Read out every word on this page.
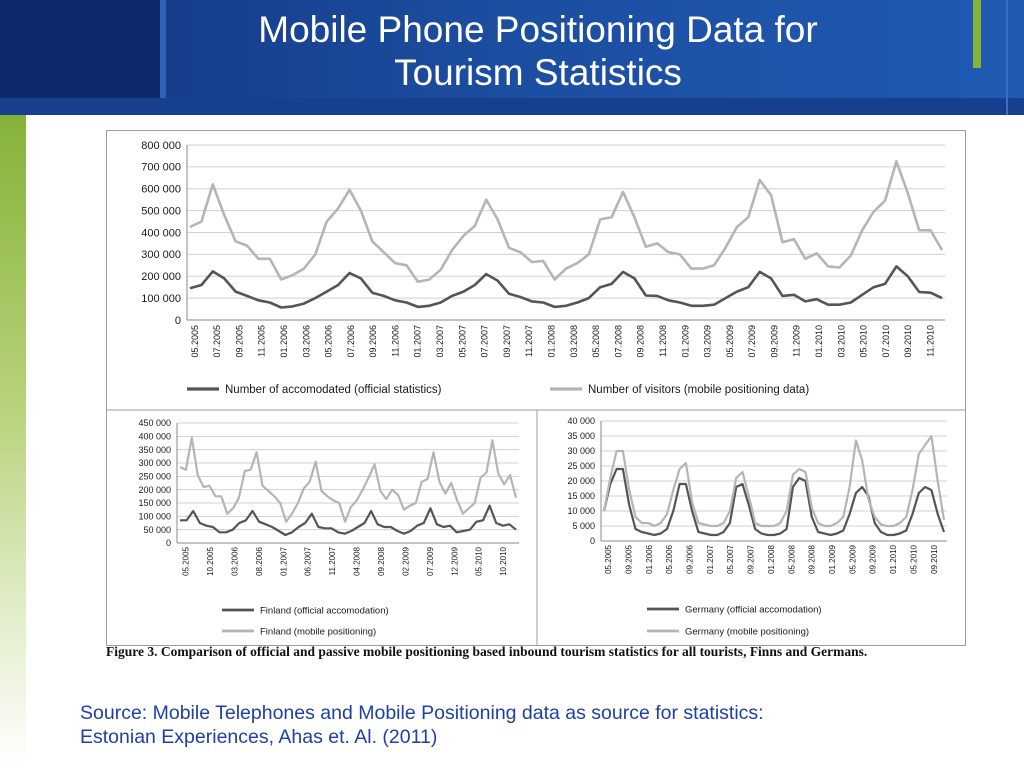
Mobile Phone Positioning Data for
Tourism Statistics
0
100 000
200 000
300 000
400 000
500 000
600 000
700 000
800 000
05.2005 07.2005 09.2005 11.2005 01.2006 03.2006 05.2006 07.2006 09.2006 11.2006 01.2007 03.2007 05.2007 07.2007 09.2007 11.2007 01.2008 03.2008 05.2008 07.2008 09.2008 11.2008 01.2009 03.2009 05.2009 07.2009 09.2009 11.2009 01.2010 03.2010 05.2010 07.2010 09.2010 11.2010
Number of accomodated (official statistics)	Number of visitors (mobile positioning data)
0
50 000
100 000
150 000
200 000
250 000
300 000
350 000
400 000
450 000
05.2005 10.2005 03.2006 08.2006 01.2007 06.2007 11.2007 04.2008 09.2008 02.2009 07.2009 12.2009 05.2010 10.2010
Finland (official accomodation)
Finland (mobile positioning)
0
5 000
10 000
15 000
20 000
25 000
30 000
35 000
40 000
05.2005 09.2005 01.2006 05.2006 09.2006 01.2007 05.2007 09.2007 01.2008 05.2008 09.2008 01.2009 05.2009 09.2009 01.2010 05.2010 09.2010
Germany (official accomodation)
Germany (mobile positioning)
Figure 3. Comparison of official and passive mobile positioning based inbound tourism statistics for all tourists, Finns and Germans.
Source: Mobile Telephones and Mobile Positioning data as source for statistics:
Estonian Experiences, Ahas et. Al. (2011)
